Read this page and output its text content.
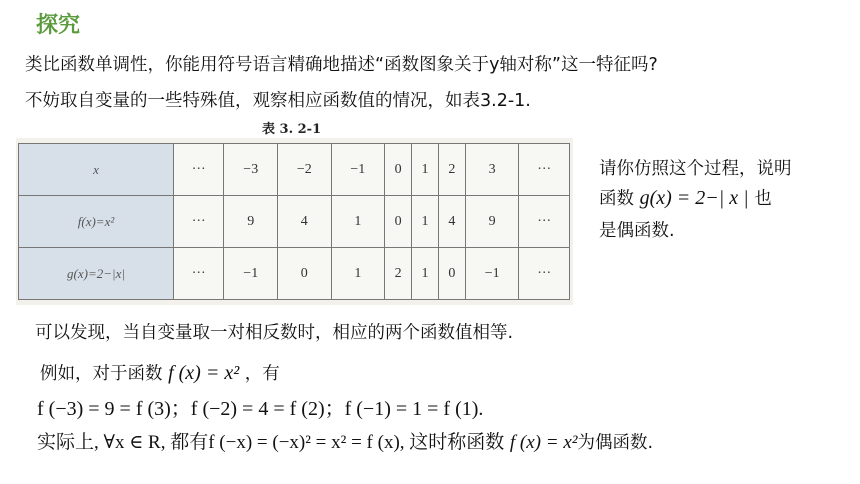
探究
类比函数单调性，你能用符号语言精确地描述“函数图象关于y轴对称”这一特征吗?
不妨取自变量的一些特殊值，观察相应函数值的情况，如表3.2-1.
表 3. 2-1
x	···	−3	−2	−1	0	1	2	3	···
f(x)=x²	···	9	4	1	0	1	4	9	···
g(x)=2−|x|	···	−1	0	1	2	1	0	−1	···
请你仿照这个过程，说明
函数 g(x) = 2−| x | 也
是偶函数.
可以发现，当自变量取一对相反数时，相应的两个函数值相等.
例如，对于函数 f (x) = x² ，有
f (−3) = 9 = f (3)；f (−2) = 4 = f (2)；f (−1) = 1 = f (1).
实际上, ∀x ∈ R, 都有f (−x) = (−x)² = x² = f (x), 这时称函数 f (x) = x²为偶函数.
